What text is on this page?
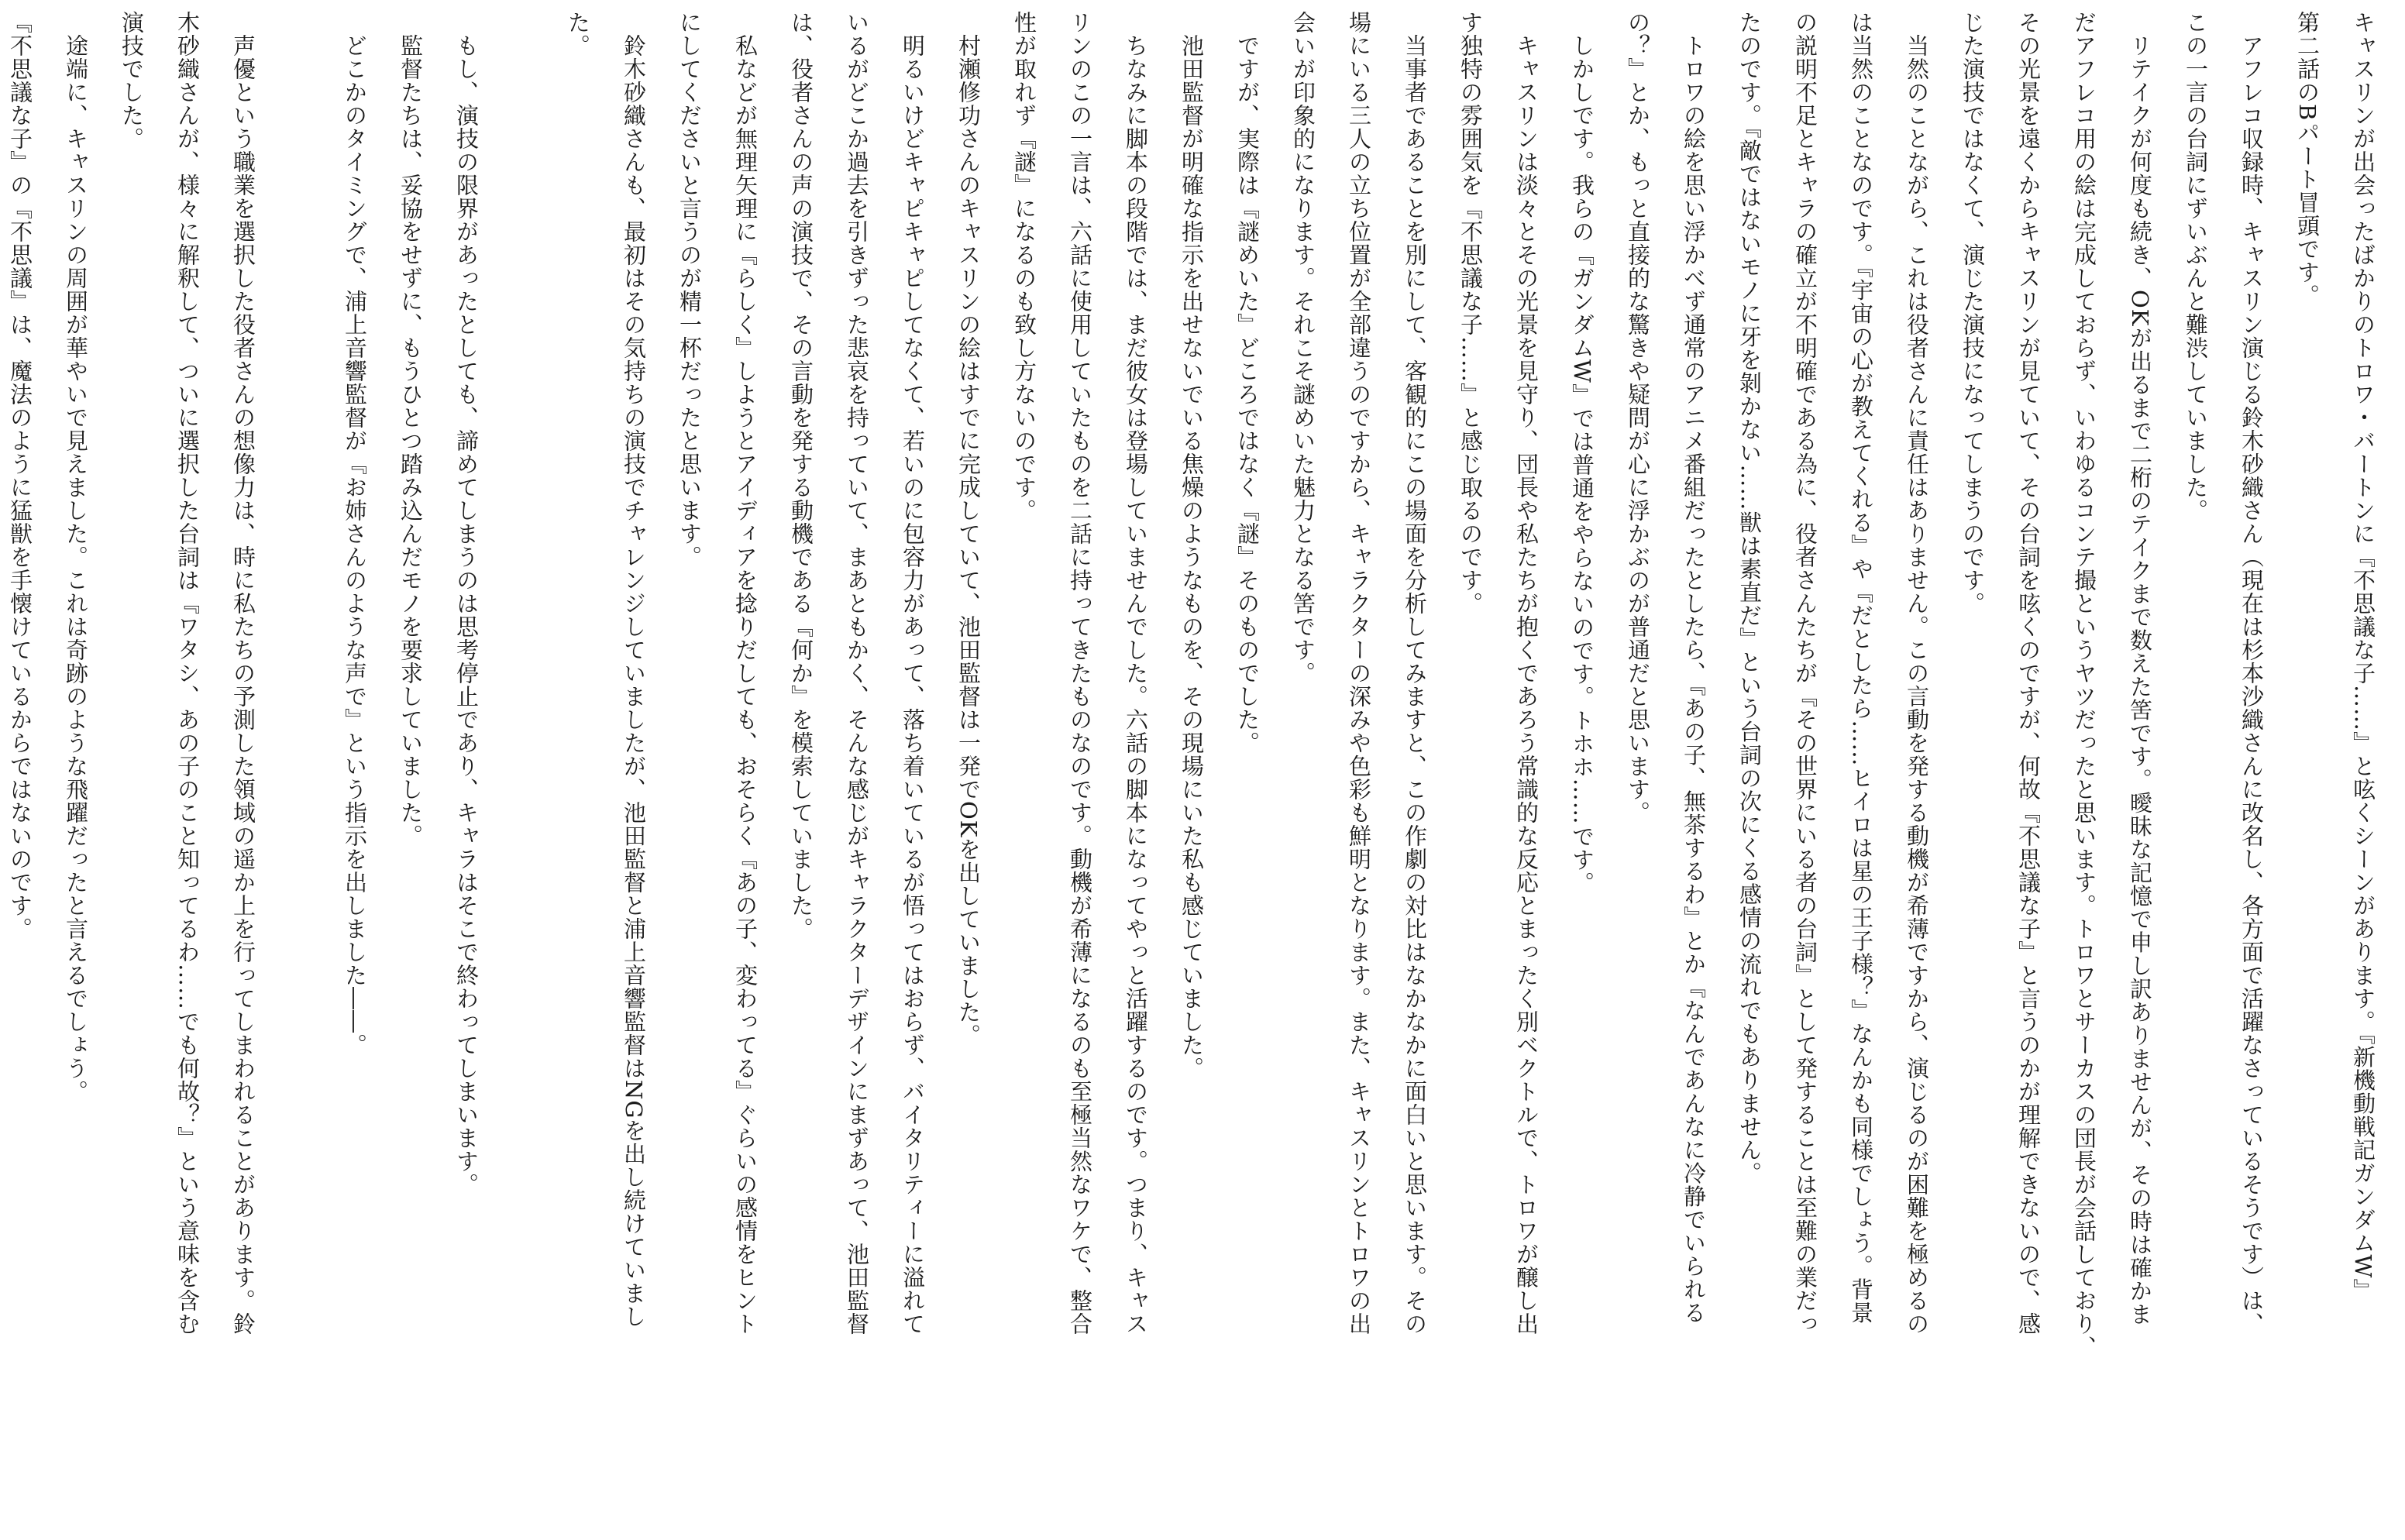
キャスリンが出会ったばかりのトロワ・バートンに『不思議な子……』と呟くシーンがあります。『新機動戦記ガンダムW』

第二話のBパート冒頭です。

　アフレコ収録時、キャスリン演じる鈴木砂織さん（現在は杉本沙織さんに改名し、各方面で活躍なさっているそうです）は、

この一言の台詞にずいぶんと難渋していました。

　リテイクが何度も続き、OKが出るまで二桁のテイクまで数えた筈です。曖昧な記憶で申し訳ありませんが、その時は確かま

だアフレコ用の絵は完成しておらず、いわゆるコンテ撮というヤツだったと思います。トロワとサーカスの団長が会話しており、

その光景を遠くからキャスリンが見ていて、その台詞を呟くのですが、何故『不思議な子』と言うのかが理解できないので、感

じた演技ではなくて、演じた演技になってしまうのです。

　当然のことながら、これは役者さんに責任はありません。この言動を発する動機が希薄ですから、演じるのが困難を極めるの

は当然のことなのです。『宇宙の心が教えてくれる』や『だとしたら……ヒイロは星の王子様？』なんかも同様でしょう。背景

の説明不足とキャラの確立が不明確である為に、役者さんたちが『その世界にいる者の台詞』として発することは至難の業だっ

たのです。『敵ではないモノに牙を剝かない……獣は素直だ』という台詞の次にくる感情の流れでもありません。

　トロワの絵を思い浮かべず通常のアニメ番組だったとしたら、『あの子、無茶するわ』とか『なんであんなに冷静でいられる

の？』とか、もっと直接的な驚きや疑問が心に浮かぶのが普通だと思います。

　しかしです。我らの『ガンダムW』では普通をやらないのです。トホホ……です。

　キャスリンは淡々とその光景を見守り、団長や私たちが抱くであろう常識的な反応とまったく別ベクトルで、トロワが醸し出

す独特の雰囲気を『不思議な子……』と感じ取るのです。

　当事者であることを別にして、客観的にこの場面を分析してみますと、この作劇の対比はなかなかに面白いと思います。その

場にいる三人の立ち位置が全部違うのですから、キャラクターの深みや色彩も鮮明となります。また、キャスリンとトロワの出

会いが印象的になります。それこそ謎めいた魅力となる筈です。

　ですが、実際は『謎めいた』どころではなく『謎』そのものでした。

　池田監督が明確な指示を出せないでいる焦燥のようなものを、その現場にいた私も感じていました。

　ちなみに脚本の段階では、まだ彼女は登場していませんでした。六話の脚本になってやっと活躍するのです。つまり、キャス

リンのこの一言は、六話に使用していたものを二話に持ってきたものなのです。動機が希薄になるのも至極当然なワケで、整合

性が取れず『謎』になるのも致し方ないのです。

　村瀬修功さんのキャスリンの絵はすでに完成していて、池田監督は一発でOKを出していました。

　明るいけどキャピキャピしてなくて、若いのに包容力があって、落ち着いているが悟ってはおらず、バイタリティーに溢れて

いるがどこか過去を引きずった悲哀を持っていて、まあともかく、そんな感じがキャラクターデザインにまずあって、池田監督

は、役者さんの声の演技で、その言動を発する動機である『何か』を模索していました。

　私などが無理矢理に『らしく』しようとアイディアを捻りだしても、おそらく『あの子、変わってる』ぐらいの感情をヒント

にしてくださいと言うのが精一杯だったと思います。

　鈴木砂織さんも、最初はその気持ちの演技でチャレンジしていましたが、池田監督と浦上音響監督はNGを出し続けていまし

た。

　もし、演技の限界があったとしても、諦めてしまうのは思考停止であり、キャラはそこで終わってしまいます。

　監督たちは、妥協をせずに、もうひとつ踏み込んだモノを要求していました。

　どこかのタイミングで、浦上音響監督が『お姉さんのような声で』という指示を出しました――。

　声優という職業を選択した役者さんの想像力は、時に私たちの予測した領域の遥か上を行ってしまわれることがあります。鈴

木砂織さんが、様々に解釈して、ついに選択した台詞は『ワタシ、あの子のこと知ってるわ……でも何故？』という意味を含む

演技でした。

　途端に、キャスリンの周囲が華やいで見えました。これは奇跡のような飛躍だったと言えるでしょう。

『不思議な子』の『不思議』は、魔法のように猛獣を手懐けているからではないのです。
